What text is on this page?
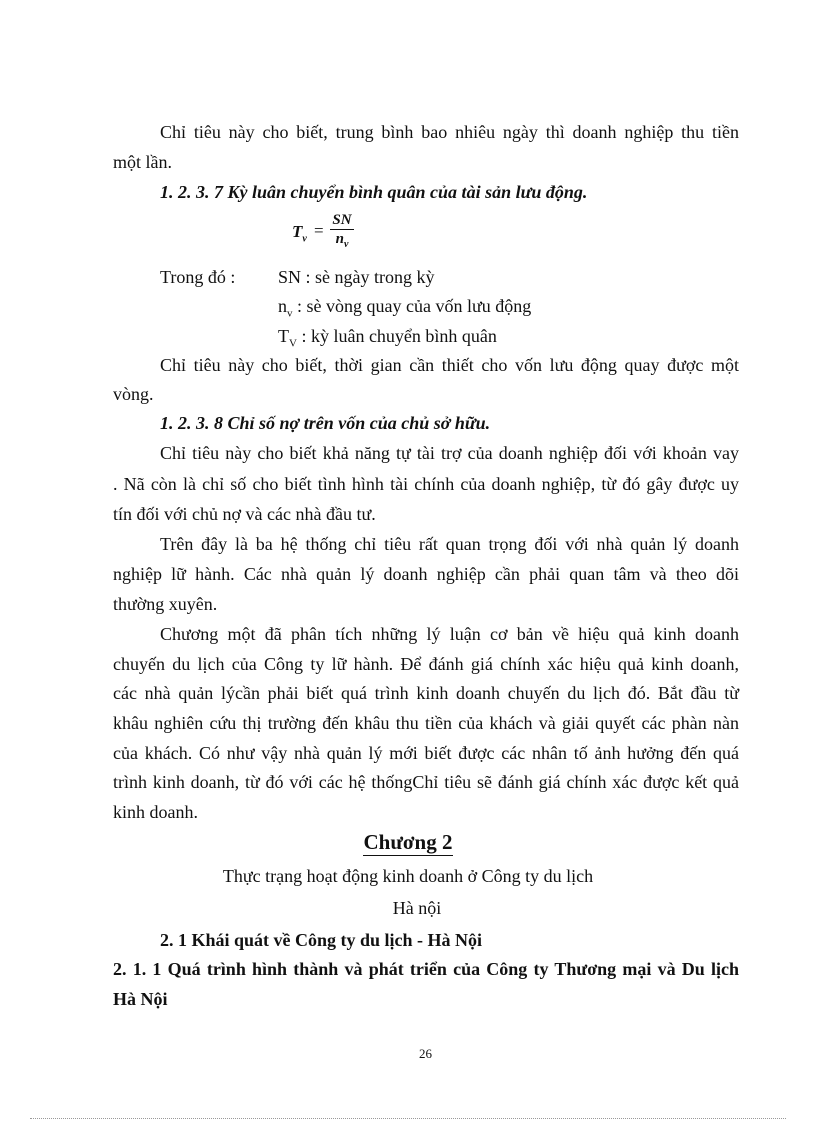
Chỉ tiêu này cho biết, trung bình bao nhiêu ngày thì doanh nghiệp thu tiền
một lần.
1. 2. 3. 7 Kỳ luân chuyển bình quân của tài sản lưu động.
$T_v$ =
SN
$n_v$
Trong đó : SN : sè ngày trong kỳ
$n_v$ : sè vòng quay của vốn lưu động
$T_V$ : kỳ luân chuyển bình quân
Chỉ tiêu này cho biết, thời gian cần thiết cho vốn lưu động quay được một
vòng.
1. 2. 3. 8 Chỉ số nợ trên vốn của chủ sở hữu.
Chỉ tiêu này cho biết khả năng tự tài trợ của doanh nghiệp đối với khoản vay
. Nã còn là chỉ số cho biết tình hình tài chính của doanh nghiệp, từ đó gây được uy
tín đối với chủ nợ và các nhà đầu tư.
Trên đây là ba hệ thống chỉ tiêu rất quan trọng đối với nhà quản lý doanh
nghiệp lữ hành. Các nhà quản lý doanh nghiệp cần phải quan tâm và theo dõi
thường xuyên.
Chương một đã phân tích những lý luận cơ bản về hiệu quả kinh doanh
chuyến du lịch của Công ty lữ hành. Để đánh giá chính xác hiệu quả kinh doanh,
các nhà quản lýcần phải biết quá trình kinh doanh chuyến du lịch đó. Bắt đầu từ
khâu nghiên cứu thị trường đến khâu thu tiền của khách và giải quyết các phàn nàn
của khách. Có như vậy nhà quản lý mới biết được các nhân tố ảnh hưởng đến quá
trình kinh doanh, từ đó với các hệ thốngChỉ tiêu sẽ đánh giá chính xác được kết quả
kinh doanh.
Chương 2
Thực trạng hoạt động kinh doanh ở Công ty du lịch
Hà nội
2. 1 Khái quát về Công ty du lịch - Hà Nội
2. 1. 1 Quá trình hình thành và phát triển của Công ty Thương mại và Du lịch
Hà Nội
26
